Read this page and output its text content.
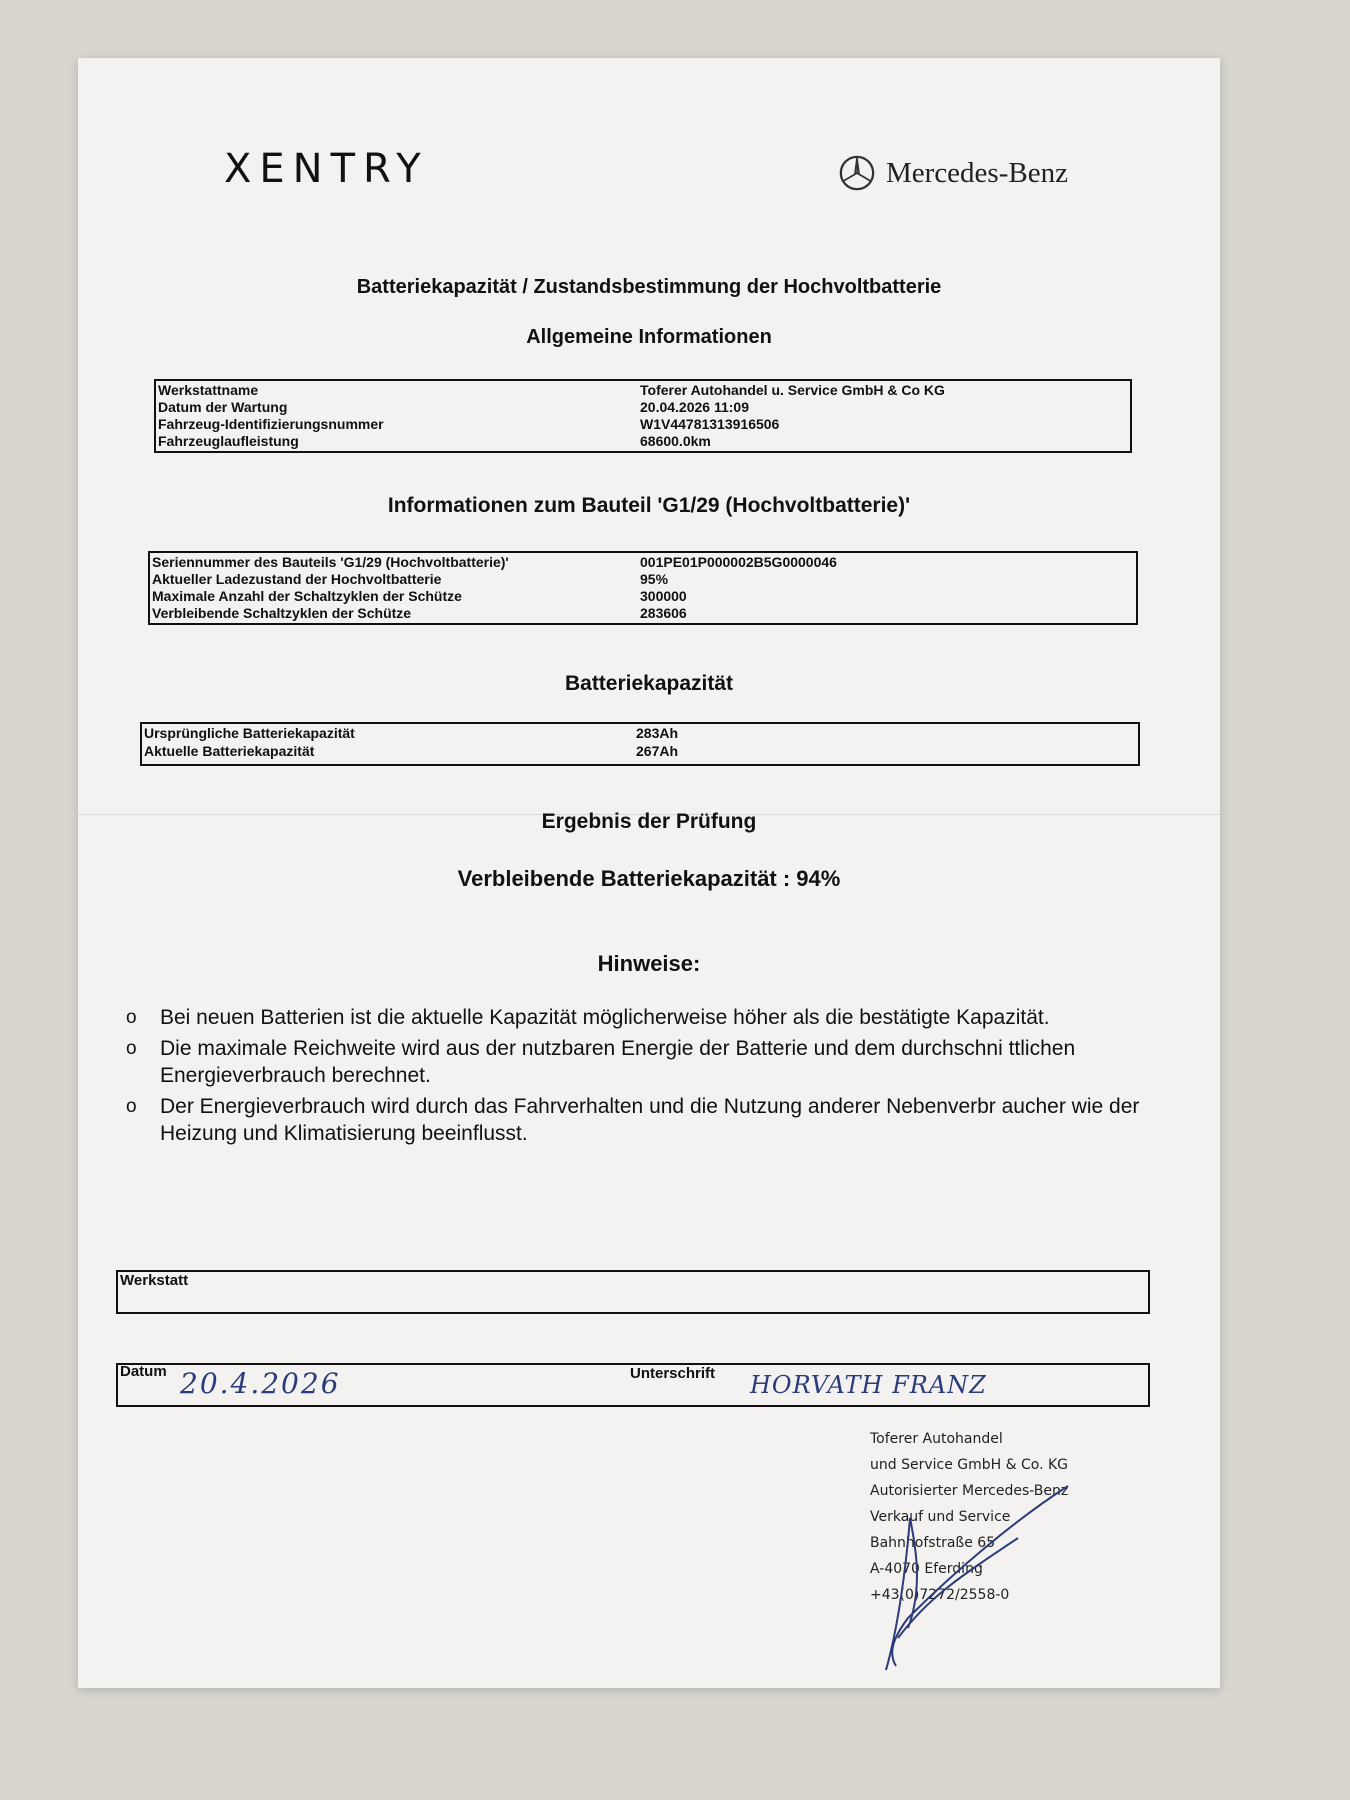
XENTRY	Mercedes-Benz
Batteriekapazität / Zustandsbestimmung der Hochvoltbatterie
Allgemeine Informationen
Werkstattname	Toferer Autohandel u. Service GmbH & Co KG
Datum der Wartung	20.04.2026 11:09
Fahrzeug-Identifizierungsnummer	W1V44781313916506
Fahrzeuglaufleistung	68600.0km
Informationen zum Bauteil 'G1/29 (Hochvoltbatterie)'
Seriennummer des Bauteils 'G1/29 (Hochvoltbatterie)'	001PE01P000002B5G0000046
Aktueller Ladezustand der Hochvoltbatterie	95%
Maximale Anzahl der Schaltzyklen der Schütze	300000
Verbleibende Schaltzyklen der Schütze	283606
Batteriekapazität
Ursprüngliche Batteriekapazität	283Ah
Aktuelle Batteriekapazität	267Ah
Ergebnis der Prüfung
Verbleibende Batteriekapazität : 94%
Hinweise:
o Bei neuen Batterien ist die aktuelle Kapazität möglicherweise höher als die bestätigte Kapazität.
o Die maximale Reichweite wird aus der nutzbaren Energie der Batterie und dem durchschni ttlichen Energieverbrauch berechnet.
o Der Energieverbrauch wird durch das Fahrverhalten und die Nutzung anderer Nebenverbr aucher wie der Heizung und Klimatisierung beeinflusst.
Werkstatt
Datum 20.4.2026	Unterschrift HORVATH FRANZ
Toferer Autohandel
und Service GmbH & Co. KG
Autorisierter Mercedes-Benz
Verkauf und Service
Bahnhofstraße 65
A-4070 Eferding
+43(0)7272/2558-0
